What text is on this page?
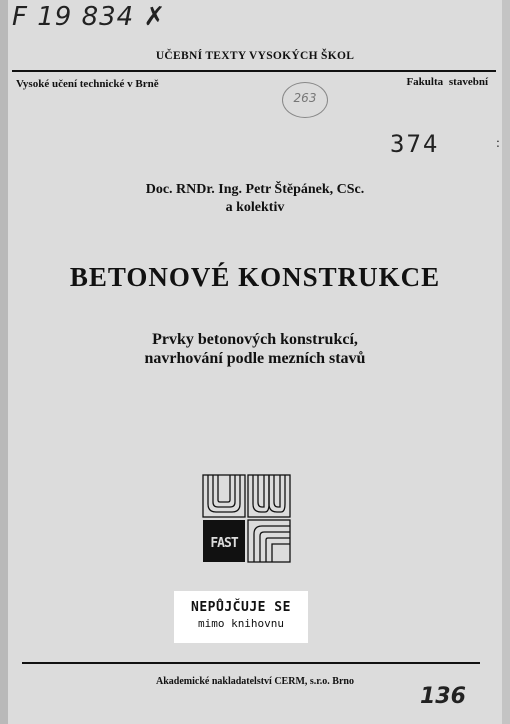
F 19 834 ✗
UČEBNÍ TEXTY VYSOKÝCH ŠKOL
Vysoké učení technické v Brně	Fakulta stavební
263
374	:
Doc. RNDr. Ing. Petr Štěpánek, CSc.
a kolektiv
BETONOVÉ KONSTRUKCE
Prvky betonových konstrukcí,
navrhování podle mezních stavů
FAST
NEPŮJČUJE SE
mimo knihovnu
Akademické nakladatelství CERM, s.r.o. Brno
136
